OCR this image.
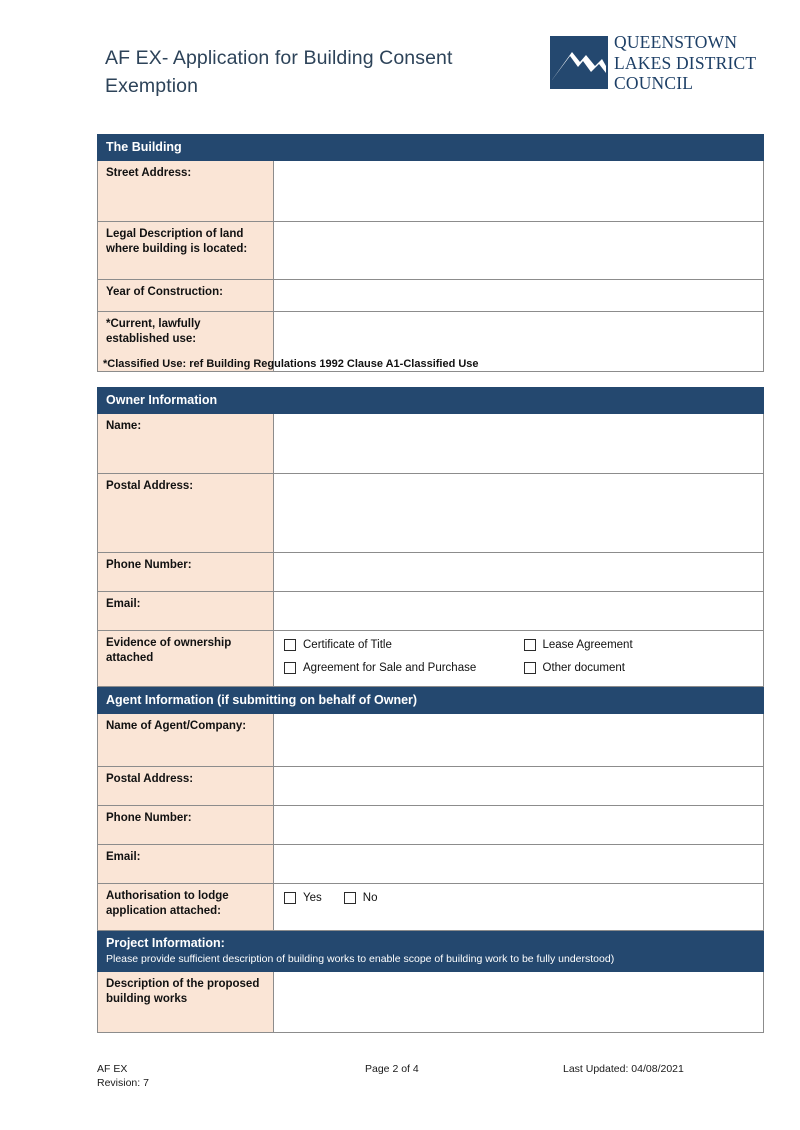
AF EX- Application for Building Consent Exemption
QUEENSTOWN
LAKES DISTRICT
COUNCIL
The Building	

Street Address:	
Legal Description of land where building is located:	
Year of Construction:	
*Current, lawfully established use:	
*Classified Use: ref Building Regulations 1992 Clause A1-Classified Use
Owner Information	

Name:	
Postal Address:	
Phone Number:	
Email:	
Evidence of ownership attached	Certificate of Title Lease Agreement
Agreement for Sale and Purchase Other document
Agent Information (if submitting on behalf of Owner)	

Name of Agent/Company:	
Postal Address:	
Phone Number:	
Email:	
Authorisation to lodge application attached:	Yes No

Project Information:
Please provide sufficient description of building works to enable scope of building work to be fully understood)	

Description of the proposed building works	
AF EX
Revision: 7
Page 2 of 4	Last Updated: 04/08/2021
